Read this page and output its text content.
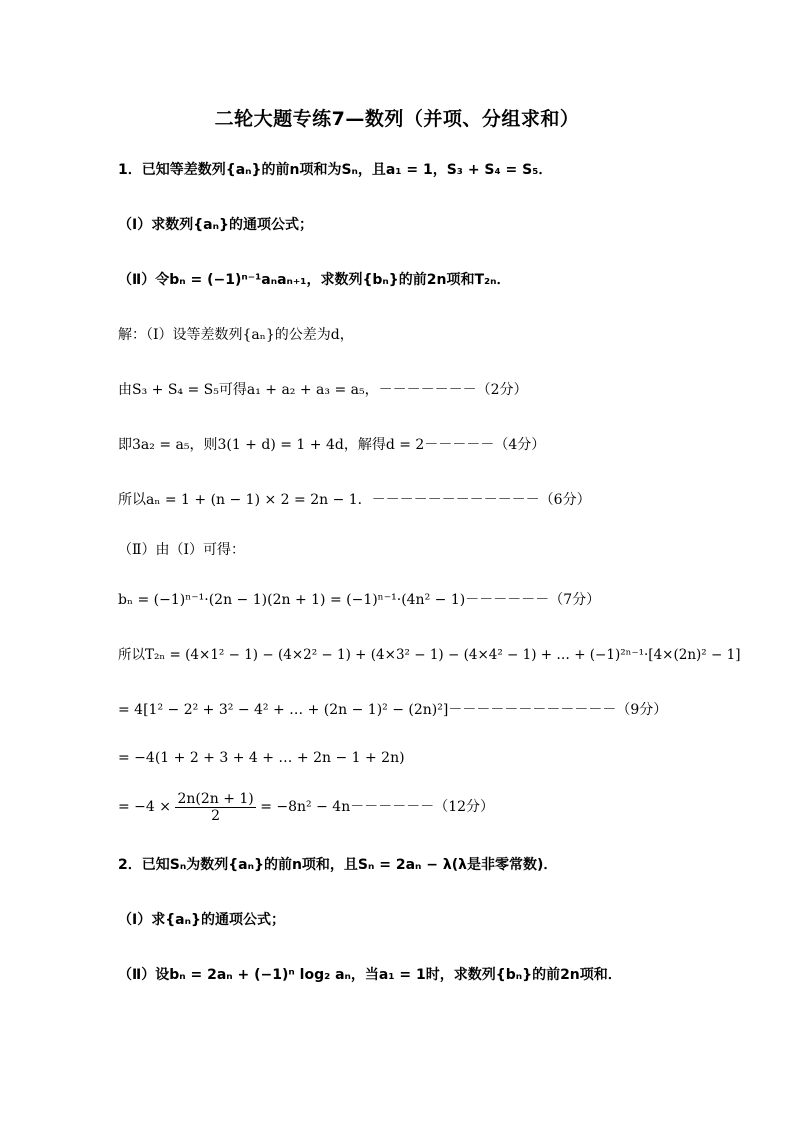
二轮大题专练7—数列（并项、分组求和）
1．已知等差数列{aₙ}的前n项和为Sₙ，且a₁ = 1，S₃ + S₄ = S₅．
（Ⅰ）求数列{aₙ}的通项公式；
（Ⅱ）令bₙ = (−1)ⁿ⁻¹aₙaₙ₊₁，求数列{bₙ}的前2n项和T₂ₙ．
解：（Ⅰ）设等差数列{aₙ}的公差为d，
由S₃ + S₄ = S₅可得a₁ + a₂ + a₃ = a₅，－－－－－－－（2分）
即3a₂ = a₅，则3(1 + d) = 1 + 4d，解得d = 2－－－－－（4分）
所以aₙ = 1 + (n − 1) × 2 = 2n − 1．－－－－－－－－－－－－（6分）
（Ⅱ）由（Ⅰ）可得：
bₙ = (−1)ⁿ⁻¹·(2n − 1)(2n + 1) = (−1)ⁿ⁻¹·(4n² − 1)－－－－－－（7分）
所以T₂ₙ = (4×1² − 1) − (4×2² − 1) + (4×3² − 1) − (4×4² − 1) + … + (−1)²ⁿ⁻¹·[4×(2n)² − 1]
= 4[1² − 2² + 3² − 4² + … + (2n − 1)² − (2n)²]－－－－－－－－－－－－（9分）
= −4(1 + 2 + 3 + 4 + … + 2n − 1 + 2n)
= $-4 \times \frac{2n(2n + 1)}{2} = -8n^2 - 4n------(12$分）
2．已知Sₙ为数列{aₙ}的前n项和，且Sₙ = 2aₙ − λ(λ是非零常数)．
（Ⅰ）求{aₙ}的通项公式；
（Ⅱ）设bₙ = 2aₙ + (−1)ⁿ log₂ aₙ，当a₁ = 1时，求数列{bₙ}的前2n项和．
